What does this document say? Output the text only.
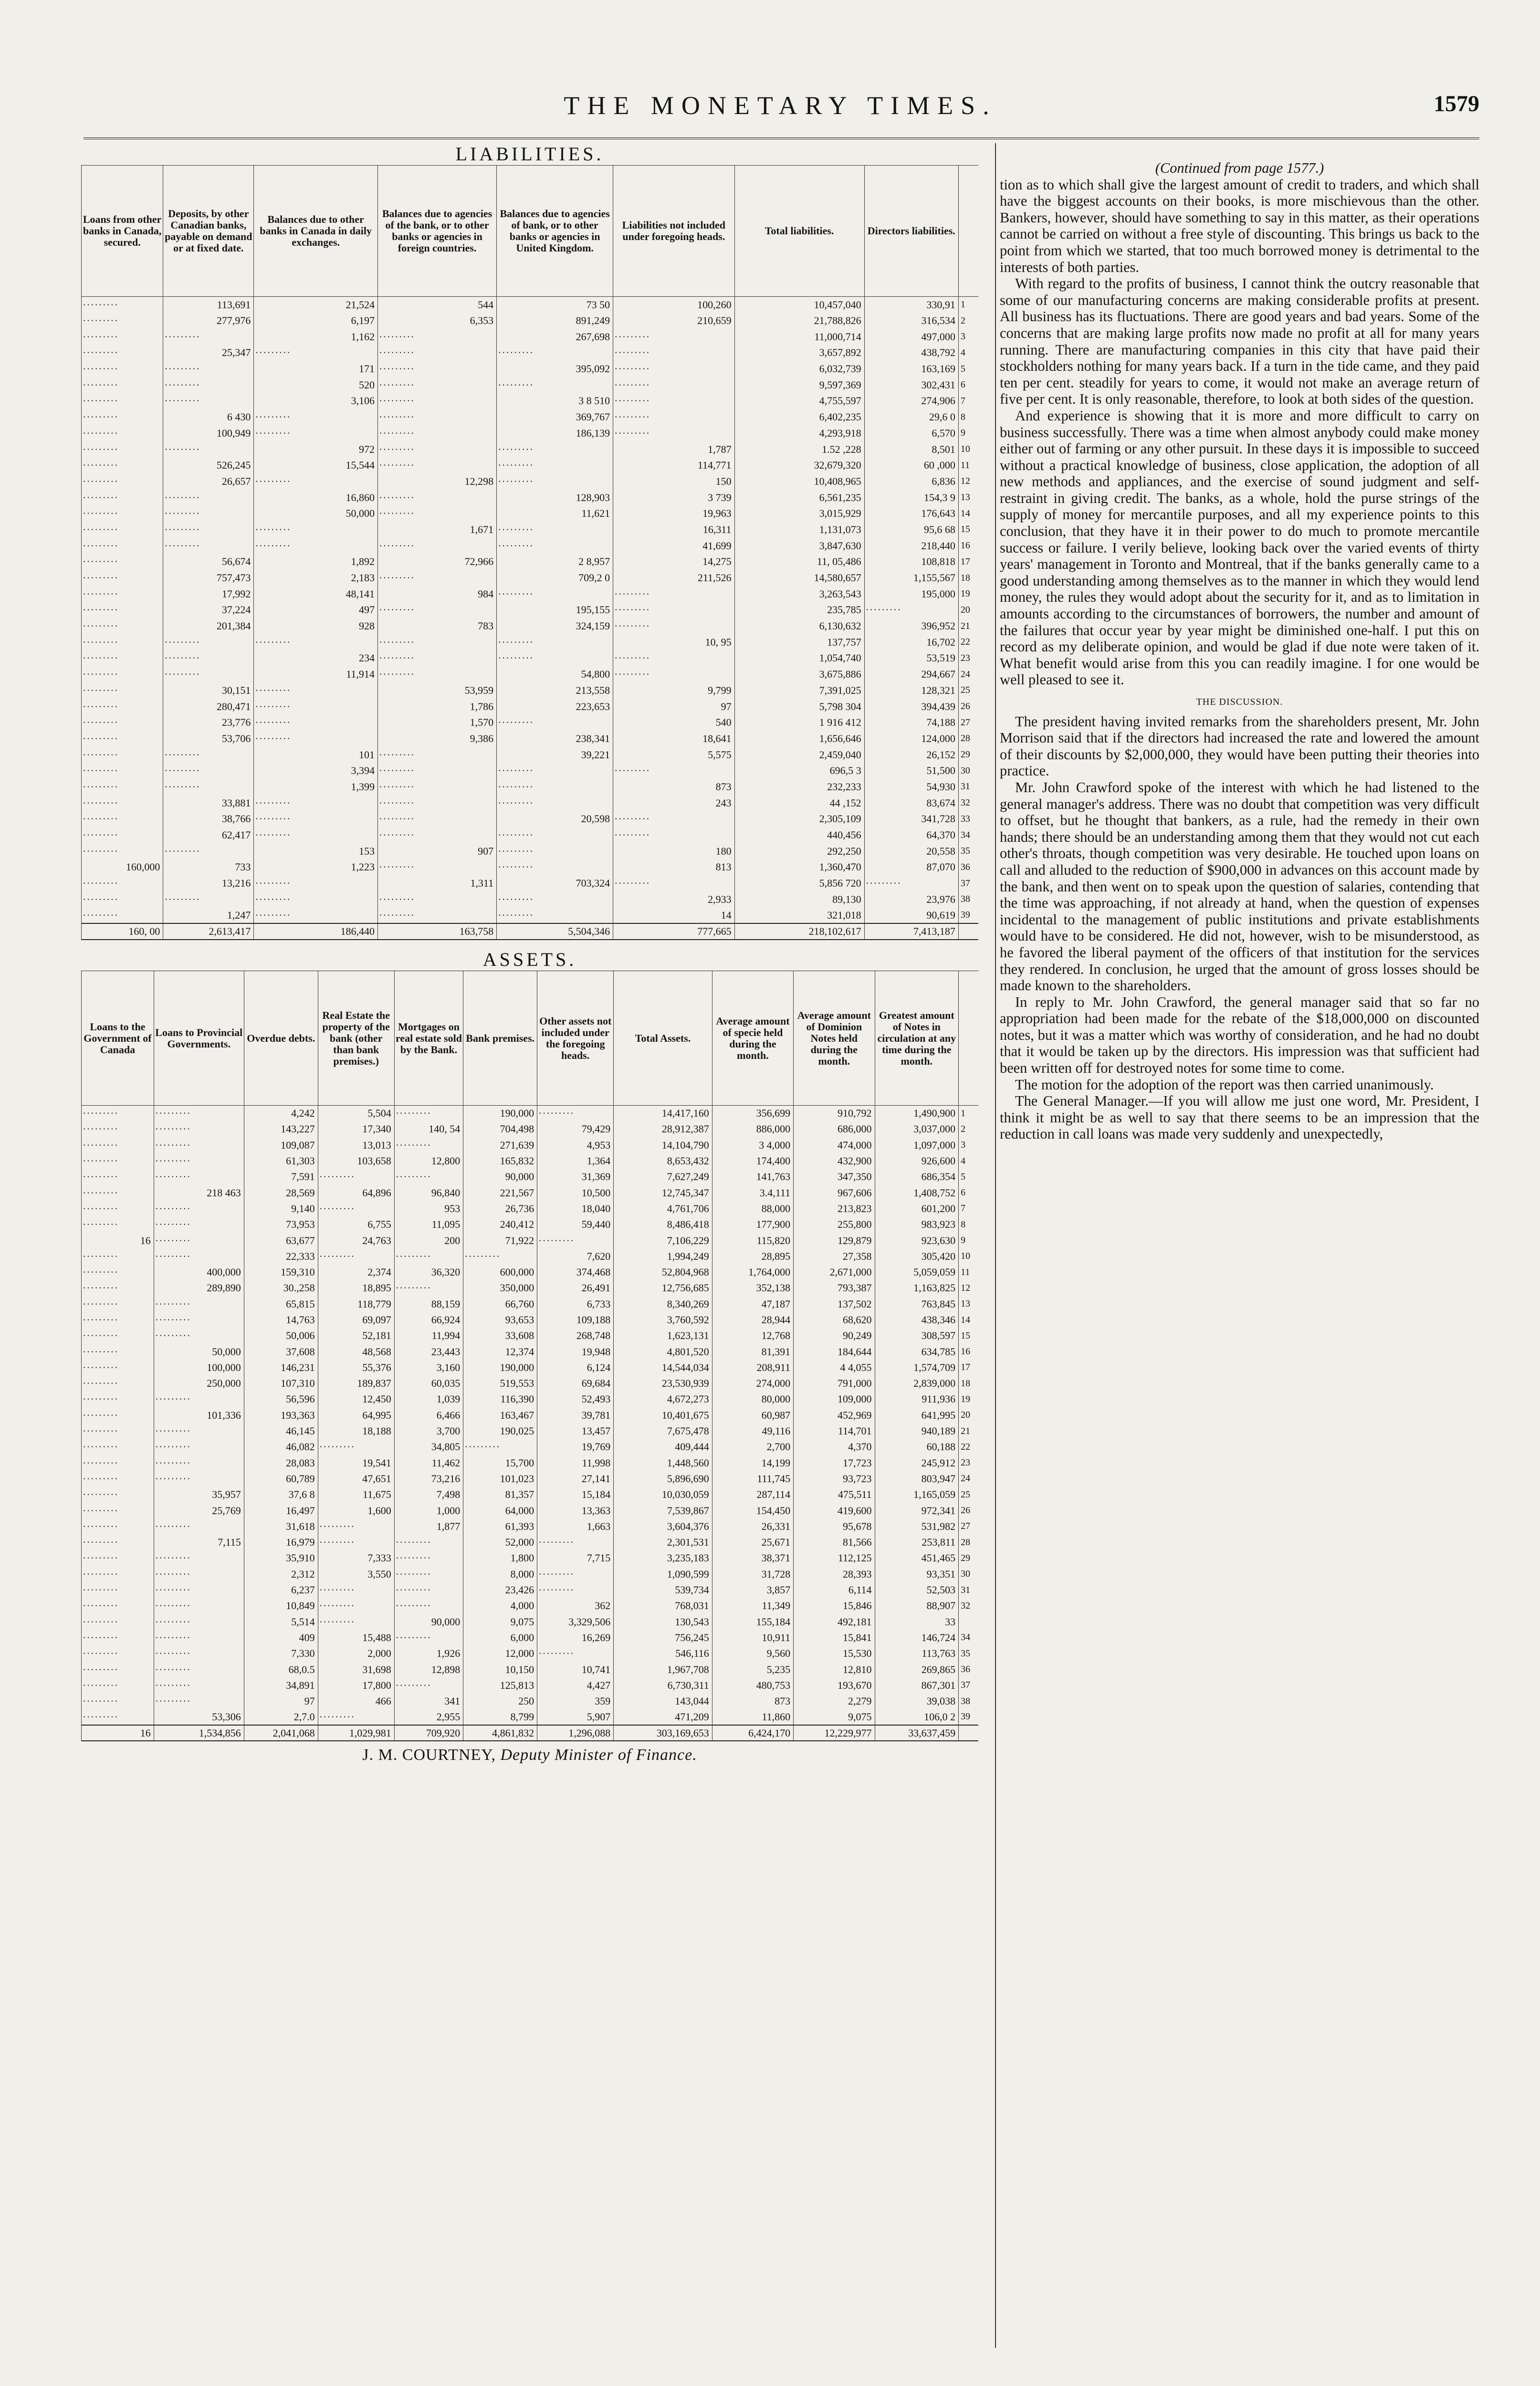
THE MONETARY TIMES.	1579
LIABILITIES.
Loans from other banks in Canada, secured.	Deposits, by other Canadian banks, payable on demand or at fixed date.	Balances due to other banks in Canada in daily exchanges.	Balances due to agencies of the bank, or to other banks or agencies in foreign countries.	Balances due to agencies of bank, or to other banks or agencies in United Kingdom.	Liabilities not included under foregoing heads.	Total liabilities.	Directors liabilities.	
·········	113,691	21,524	544	73 50	100,260	10,457,040	330,91	1
·········	277,976	6,197	6,353	891,249	210,659	21,788,826	316,534	2
·········	·········	1,162	·········	267,698	·········	11,000,714	497,000	3
·········	25,347	·········	·········	·········	·········	3,657,892	438,792	4
·········	·········	171	·········	395,092	·········	6,032,739	163,169	5
·········	·········	520	·········	·········	·········	9,597,369	302,431	6
·········	·········	3,106	·········	3 8 510	·········	4,755,597	274,906	7
·········	6 430	·········	·········	369,767	·········	6,402,235	29,6 0	8
·········	100,949	·········	·········	186,139	·········	4,293,918	6,570	9
·········	·········	972	·········	·········	1,787	1.52 ,228	8,501	10
·········	526,245	15,544	·········	·········	114,771	32,679,320	60 ,000	11
·········	26,657	·········	12,298	·········	150	10,408,965	6,836	12
·········	·········	16,860	·········	128,903	3 739	6,561,235	154,3 9	13
·········	·········	50,000	·········	11,621	19,963	3,015,929	176,643	14
·········	·········	·········	1,671	·········	16,311	1,131,073	95,6 68	15
·········	·········	·········	·········	·········	41,699	3,847,630	218,440	16
·········	56,674	1,892	72,966	2 8,957	14,275	11, 05,486	108,818	17
·········	757,473	2,183	·········	709,2 0	211,526	14,580,657	1,155,567	18
·········	17,992	48,141	984	·········	·········	3,263,543	195,000	19
·········	37,224	497	·········	195,155	·········	235,785	·········	20
·········	201,384	928	783	324,159	·········	6,130,632	396,952	21
·········	·········	·········	·········	·········	10, 95	137,757	16,702	22
·········	·········	234	·········	·········	·········	1,054,740	53,519	23
·········	·········	11,914	·········	54,800	·········	3,675,886	294,667	24
·········	30,151	·········	53,959	213,558	9,799	7,391,025	128,321	25
·········	280,471	·········	1,786	223,653	97	5,798 304	394,439	26
·········	23,776	·········	1,570	·········	540	1 916 412	74,188	27
·········	53,706	·········	9,386	238,341	18,641	1,656,646	124,000	28
·········	·········	101	·········	39,221	5,575	2,459,040	26,152	29
·········	·········	3,394	·········	·········	·········	696,5 3	51,500	30
·········	·········	1,399	·········	·········	873	232,233	54,930	31
·········	33,881	·········	·········	·········	243	44 ,152	83,674	32
·········	38,766	·········	·········	20,598	·········	2,305,109	341,728	33
·········	62,417	·········	·········	·········	·········	440,456	64,370	34
·········	·········	153	907	·········	180	292,250	20,558	35
160,000	733	1,223	·········	·········	813	1,360,470	87,070	36
·········	13,216	·········	1,311	703,324	·········	5,856 720	·········	37
·········	·········	·········	·········	·········	2,933	89,130	23,976	38
·········	1,247	·········	·········	·········	14	321,018	90,619	39
160, 00	2,613,417	186,440	163,758	5,504,346	777,665	218,102,617	7,413,187	
ASSETS.
Loans to the Government of Canada	Loans to Provincial Governments.	Overdue debts.	Real Estate the property of the bank (other than bank premises.)	Mortgages on real estate sold by the Bank.	Bank premises.	Other assets not included under the foregoing heads.	Total Assets.	Average amount of specie held during the month.	Average amount of Dominion Notes held during the month.	Greatest amount of Notes in circulation at any time during the month.	
·········	·········	4,242	5,504	·········	190,000	·········	14,417,160	356,699	910,792	1,490,900	1
·········	·········	143,227	17,340	140, 54	704,498	79,429	28,912,387	886,000	686,000	3,037,000	2
·········	·········	109,087	13,013	·········	271,639	4,953	14,104,790	3 4,000	474,000	1,097,000	3
·········	·········	61,303	103,658	12,800	165,832	1,364	8,653,432	174,400	432,900	926,600	4
·········	·········	7,591	·········	·········	90,000	31,369	7,627,249	141,763	347,350	686,354	5
·········	218 463	28,569	64,896	96,840	221,567	10,500	12,745,347	3.4,111	967,606	1,408,752	6
·········	·········	9,140	·········	953	26,736	18,040	4,761,706	88,000	213,823	601,200	7
·········	·········	73,953	6,755	11,095	240,412	59,440	8,486,418	177,900	255,800	983,923	8
16	·········	63,677	24,763	200	71,922	·········	7,106,229	115,820	129,879	923,630	9
·········	·········	22,333	·········	·········	·········	7,620	1,994,249	28,895	27,358	305,420	10
·········	400,000	159,310	2,374	36,320	600,000	374,468	52,804,968	1,764,000	2,671,000	5,059,059	11
·········	289,890	30.,258	18,895	·········	350,000	26,491	12,756,685	352,138	793,387	1,163,825	12
·········	·········	65,815	118,779	88,159	66,760	6,733	8,340,269	47,187	137,502	763,845	13
·········	·········	14,763	69,097	66,924	93,653	109,188	3,760,592	28,944	68,620	438,346	14
·········	·········	50,006	52,181	11,994	33,608	268,748	1,623,131	12,768	90,249	308,597	15
·········	50,000	37,608	48,568	23,443	12,374	19,948	4,801,520	81,391	184,644	634,785	16
·········	100,000	146,231	55,376	3,160	190,000	6,124	14,544,034	208,911	4 4,055	1,574,709	17
·········	250,000	107,310	189,837	60,035	519,553	69,684	23,530,939	274,000	791,000	2,839,000	18
·········	·········	56,596	12,450	1,039	116,390	52,493	4,672,273	80,000	109,000	911,936	19
·········	101,336	193,363	64,995	6,466	163,467	39,781	10,401,675	60,987	452,969	641,995	20
·········	·········	46,145	18,188	3,700	190,025	13,457	7,675,478	49,116	114,701	940,189	21
·········	·········	46,082	·········	34,805	·········	19,769	409,444	2,700	4,370	60,188	22
·········	·········	28,083	19,541	11,462	15,700	11,998	1,448,560	14,199	17,723	245,912	23
·········	·········	60,789	47,651	73,216	101,023	27,141	5,896,690	111,745	93,723	803,947	24
·········	35,957	37,6 8	11,675	7,498	81,357	15,184	10,030,059	287,114	475,511	1,165,059	25
·········	25,769	16,497	1,600	1,000	64,000	13,363	7,539,867	154,450	419,600	972,341	26
·········	·········	31,618	·········	1,877	61,393	1,663	3,604,376	26,331	95,678	531,982	27
·········	7,115	16,979	·········	·········	52,000	·········	2,301,531	25,671	81,566	253,811	28
·········	·········	35,910	7,333	·········	1,800	7,715	3,235,183	38,371	112,125	451,465	29
·········	·········	2,312	3,550	·········	8,000	·········	1,090,599	31,728	28,393	93,351	30
·········	·········	6,237	·········	·········	23,426	·········	539,734	3,857	6,114	52,503	31
·········	·········	10,849	·········	·········	4,000	362	768,031	11,349	15,846	88,907	32
·········	·········	5,514	·········	90,000	9,075	3,329,506	130,543	155,184	492,181	33	
·········	·········	409	15,488	·········	6,000	16,269	756,245	10,911	15,841	146,724	34
·········	·········	7,330	2,000	1,926	12,000	·········	546,116	9,560	15,530	113,763	35
·········	·········	68,0.5	31,698	12,898	10,150	10,741	1,967,708	5,235	12,810	269,865	36
·········	·········	34,891	17,800	·········	125,813	4,427	6,730,311	480,753	193,670	867,301	37
·········	·········	97	466	341	250	359	143,044	873	2,279	39,038	38
·········	53,306	2,7.0	·········	2,955	8,799	5,907	471,209	11,860	9,075	106,0 2	39
16	1,534,856	2,041,068	1,029,981	709,920	4,861,832	1,296,088	303,169,653	6,424,170	12,229,977	33,637,459	
J. M. COURTNEY, Deputy Minister of Finance.

(Continued from page 1577.)

tion as to which shall give the largest amount of credit to traders, and which shall have the biggest accounts on their books, is more mischievous than the other. Bankers, however, should have something to say in this matter, as their operations cannot be carried on without a free style of discounting. This brings us back to the point from which we started, that too much borrowed money is detrimental to the interests of both parties.

With regard to the profits of business, I cannot think the outcry reasonable that some of our manufacturing concerns are making considerable profits at present. All business has its fluctuations. There are good years and bad years. Some of the concerns that are making large profits now made no profit at all for many years running. There are manufacturing companies in this city that have paid their stockholders nothing for many years back. If a turn in the tide came, and they paid ten per cent. steadily for years to come, it would not make an average return of five per cent. It is only reasonable, therefore, to look at both sides of the question.

And experience is showing that it is more and more difficult to carry on business successfully. There was a time when almost anybody could make money either out of farming or any other pursuit. In these days it is impossible to succeed without a practical knowledge of business, close application, the adoption of all new methods and appliances, and the exercise of sound judgment and self-restraint in giving credit. The banks, as a whole, hold the purse strings of the supply of money for mercantile purposes, and all my experience points to this conclusion, that they have it in their power to do much to promote mercantile success or failure. I verily believe, looking back over the varied events of thirty years' management in Toronto and Montreal, that if the banks generally came to a good understanding among themselves as to the manner in which they would lend money, the rules they would adopt about the security for it, and as to limitation in amounts according to the circumstances of borrowers, the number and amount of the failures that occur year by year might be diminished one-half. I put this on record as my deliberate opinion, and would be glad if due note were taken of it. What benefit would arise from this you can readily imagine. I for one would be well pleased to see it.

THE DISCUSSION.

The president having invited remarks from the shareholders present, Mr. John Morrison said that if the directors had increased the rate and lowered the amount of their discounts by $2,000,000, they would have been putting their theories into practice.

Mr. John Crawford spoke of the interest with which he had listened to the general manager's address. There was no doubt that competition was very difficult to offset, but he thought that bankers, as a rule, had the remedy in their own hands; there should be an understanding among them that they would not cut each other's throats, though competition was very desirable. He touched upon loans on call and alluded to the reduction of $900,000 in advances on this account made by the bank, and then went on to speak upon the question of salaries, contending that the time was approaching, if not already at hand, when the question of expenses incidental to the management of public institutions and private establishments would have to be considered. He did not, however, wish to be misunderstood, as he favored the liberal payment of the officers of that institution for the services they rendered. In conclusion, he urged that the amount of gross losses should be made known to the shareholders.

In reply to Mr. John Crawford, the general manager said that so far no appropriation had been made for the rebate of the $18,000,000 on discounted notes, but it was a matter which was worthy of consideration, and he had no doubt that it would be taken up by the directors. His impression was that sufficient had been written off for destroyed notes for some time to come.

The motion for the adoption of the report was then carried unanimously.

The General Manager.—If you will allow me just one word, Mr. President, I think it might be as well to say that there seems to be an impression that the reduction in call loans was made very suddenly and unexpectedly,
